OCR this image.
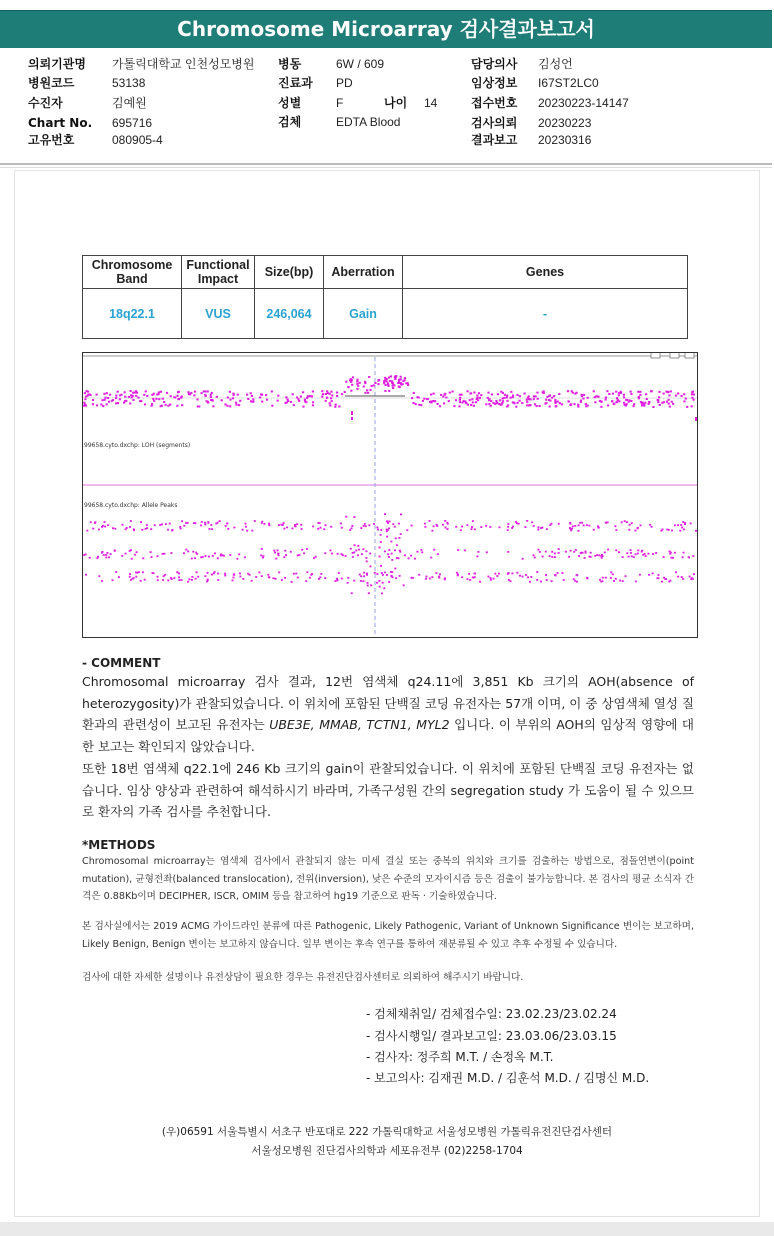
Chromosome Microarray 검사결과보고서
의뢰기관명 가톨릭대학교 인천성모병원
병원코드	53138
수진자	김예원
Chart No. 695716
고유번호	080905-4
병동	6W / 609
진료과 PD
성별	F	나이 14
검체	EDTA Blood
담당의사 김성언
임상정보 I67ST2LC0
접수번호 20230223-14147
검사의뢰 20230223
결과보고 20230316
Chromosome Band	Functional Impact	Size(bp)	Aberration	Genes
18q22.1	VUS	246,064	Gain	-
99658.cyto.dxchp: LOH (segments)
99658.cyto.dxchp: Allele Peaks
- COMMENT
Chromosomal microarray 검사 결과, 12번 염색체 q24.11에 3,851 Kb 크기의 AOH(absence of heterozygosity)가 관찰되었습니다. 이 위치에 포함된 단백질 코딩 유전자는 57개 이며, 이 중 상염색체 열성 질환과의 관련성이 보고된 유전자는 UBE3E, MMAB, TCTN1, MYL2 입니다. 이 부위의 AOH의 임상적 영향에 대한 보고는 확인되지 않았습니다.
또한 18번 염색체 q22.1에 246 Kb 크기의 gain이 관찰되었습니다. 이 위치에 포함된 단백질 코딩 유전자는 없습니다. 임상 양상과 관련하여 해석하시기 바라며, 가족구성원 간의 segregation study 가 도움이 될 수 있으므로 환자의 가족 검사를 추천합니다.
*METHODS
Chromosomal microarray는 염색체 검사에서 관찰되지 않는 미세 결실 또는 중복의 위치와 크기를 검출하는 방법으로, 점돌연변이(point mutation), 균형전좌(balanced translocation), 전위(inversion), 낮은 수준의 모자이시즘 등은 검출이 불가능합니다. 본 검사의 평균 소식자 간격은 0.88Kb이며 DECIPHER, ISCR, OMIM 등을 참고하여 hg19 기준으로 판독 · 기술하였습니다.
본 검사실에서는 2019 ACMG 가이드라인 분류에 따른 Pathogenic, Likely Pathogenic, Variant of Unknown Significance 변이는 보고하며, Likely Benign, Benign 변이는 보고하지 않습니다. 일부 변이는 후속 연구를 통하여 재분류될 수 있고 추후 수정될 수 있습니다.
검사에 대한 자세한 설명이나 유전상담이 필요한 경우는 유전진단검사센터로 의뢰하여 해주시기 바랍니다.
- 검체채취일/ 검체접수일: 23.02.23/23.02.24
- 검사시행일/ 결과보고일: 23.03.06/23.03.15
- 검사자: 정주희 M.T. / 손정옥 M.T.
- 보고의사: 김재권 M.D. / 김훈석 M.D. / 김명신 M.D.
(우)06591 서울특별시 서초구 반포대로 222 가톨릭대학교 서울성모병원 가톨릭유전진단검사센터
서울성모병원 진단검사의학과 세포유전부 (02)2258-1704
